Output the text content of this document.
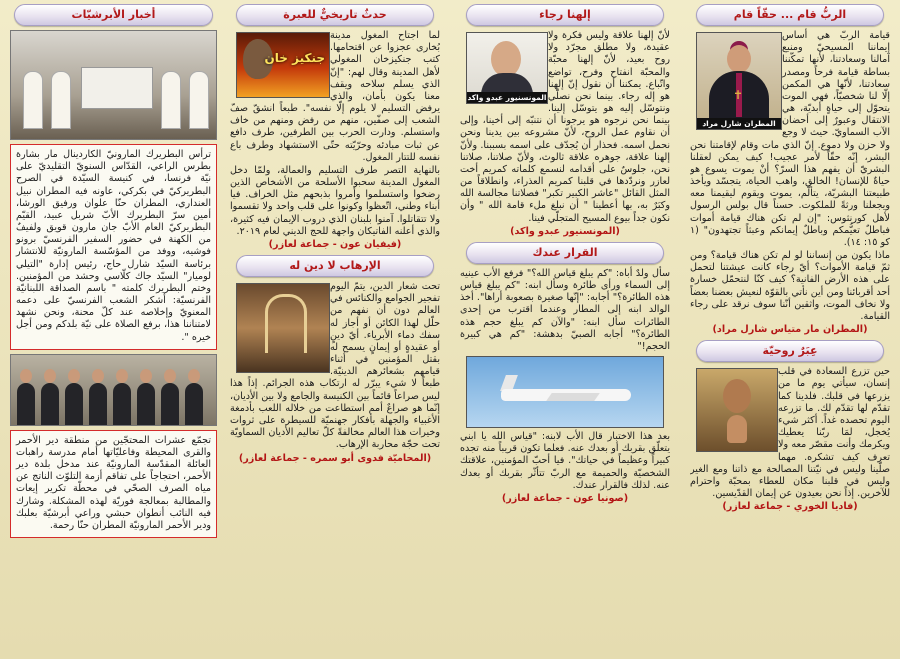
الربُّ قام ... حقّاً قام
✝
المطران شارل مراد

قيامة الربّ هي أساس إيماننا المسيحيّ ومنبع آمالنا وسعادتنا، لأنها تمكّننا بساطة قيامة فرحاً ومصدر سعادتنا، لأنّها هي المكمن إلّا لنا شخصيّاً، فهي الموت يتحوّل إلى حياةٍ أبديّة، هي الانتقال وعبورٌ إلى أحضان الآب السماويّ. حيث لا وجع ولا حزن ولا دموع. إنّ الذي مات وقام لإقامتنا نحن البشر، إنّه حقّاً لأمر عجيب! كيف يمكن لعقلنا البشريّ أن يفهم هذا السرّ؟ أنْ يموت يسوع هو حياةٌ للإنسان! الخالق، واهب الحياة، يتجسّد ويأخذ طبيعتنا البشريّة، يتألّم، يموت ويقوم ليقيمنا معه ويجعلنا ورثةً للملكوت. حسناً قال بولس الرسول لأهل كورنثوس: "إن لم تكن هناك قيامة أموات فباطلٌ تعيُّمكم وباطلٌ إيمانكم وعبثاً تجتهدون" (١ كو ١٥: ١٤).

ماذا يكون من إنساننا لو لم تكن هناك قيامة؟ ومن ثمّ قيامة الأموات؟ أيّ رجاء كانت عيشتنا لتحمل على هذه الأرض الفانية؟ كيف كنّا لنتحمّل خسارة أحد أقربائنا ومن أين نأتي بالقوّة لنعيش بعضنا بعضاً ولا نخاف الموت، واثقين أنّنا سوف نرقد على رجاء القيامة.

(المطران مار متياس شارل مراد)
عِبَرٌ روحيّة

حين تزرع السعادة في قلب إنسان، سيأتي يوم ما من يزرعها في قلبك. فلدينا كما تقدّم لها تقدّم لك. ما تزرعه اليوم تحصده غداً. أكثر شيء يُخجل، لمَا ربّنا يعطيك ويكرمك وأنت مقصّر معه ولا تعرف كيف تشكره. مهما صلّينا وليس في نيّتنا المصالحة مع ذاتنا ومع الغير وليس في قلبنا مكان للعطاء بمحبّة واحترام للآخرين. إذاً نحن بعيدون عن إيمان القدّيسين.

(فاديا الخوري - جماعة لعازر)
إلهنا رجاء
المونسنيور عبدو واكد

لأنّ إلهنا علاقة وليس فكرة ولا عقيدة، ولا مطلق مجرّد ولا روح بعيد، لأنّ إلهنا محبّة والمحبّة انفتاح وفرح، تواضع واتّباع. يمكننا أن نقول إنّ إلهنا هو إله رجاء. بينما نحن نصلّي ونتوسّل إليه هو يتوسّل إلينا. بينما نحن نرجوه هو يرجونا أن نتنبّه إلى أخينا، وإلى أن نقاوم عمل الروح، لأنّ مشروعه بين يدينا ونحن نحمل اسمه. فحذار أن يُجدّف على اسمه بسببنا. ولأنّ إلهنا علاقة، جوهره علاقة ثالوث، ولأنّ صلاتنا، صلاتنا نحن، جلوسٌ على أقدامه لنسمع كلماته كمريم أخت لعازر ونردّدها في قلبنا كمريم العذراء، وانطلاقاً من المثل القائل "عاشر الكبير تكبر" فصلاتنا مجالسة الله وكبَرٌ به، بها أعطينا " أن نبلغ ملء قامة الله " وأن نكون جداً بيوع المسيح المتجلّي فينا.

(المونسنيور عبدو واكد)
القرار عندك

سأل ولدٌ أباه: "كم يبلغ قياس الله؟" فرفع الأب عينيه إلى السماء ورأى طائرة وسأل ابنه: "كم يبلغ قياس هذه الطائرة؟" أجابه: "إنّها صغيرة بصعوبة أراها". أخذ الوالد ابنه إلى المطار وعندما اقترب من إحدى الطائرات سأل ابنه: "والآن كم يبلغ حجم هذه الطائرة؟" أجابه الصبيّ بدهشة: "كم هي كبيرة الحجم!"

بعد هذا الاختبار قال الأب لابنه: "قياس الله يا ابني يتعلّق بقربك أو بعدك عنه. فعلما تكون قريباً منه تجده كبيراً وعظيماً في حياتك". فيا أحبّ المؤمنين، علاقتك الشخصيّة والحميمة مع الربّ تتأثّر بقربك أو بعدك عنه. لذلك فالقرار عندك.

(صونيا عون - جماعة لعازر)
حدثٌ تاريخيٌّ للعبرة
جنكيز خان

لما اجتاح المغول مدينة بُخارى عجزوا عن اقتحامها. كتب جنكيزخان المغولي لأهل المدينة وقال لهم: "إنّ الذي يسلم سلاحه ويقف معنا يكون بأمان، والذي يرفض التسليم لا يلوم إلّا نفسه". طبعاً انشقّ صفّ الشعب إلى صفّين، منهم من رفض ومنهم من خاف واستسلم. ودارت الحرب بين الطرفين، طرف دافع عن ثبات مبادئه وحرّيّته حتّى الاستشهاد وطرف باع نفسه للتتار المغول.

بالنهاية التصر طرف التسليم والعمالة، ولمّا دخل المغول المدينة سحبوا الأسلحة من الأشخاص الذين رضخوا واستسلموا وأمروا بذبحهم مثل الخراف. فيا أبناء وطني، اتّعظوا وكونوا على قلب واحد ولا تقسموا ولا تتقاتلوا. آمنوا بلبنان الذي دروب الإيمان فيه كثيرة، والذي أعلنه الفاتيكان واجهة للحج الديني لعام ٢٠١٩.

(فيفيان عون - جماعة لعازر)
الإرهاب لا دين له

تحت شعار الدين، يتمّ اليوم تفجير الجوامع والكنائس في العالم دون أن نفهم من حلّل لهذا الكائن أو أجاز له سفك دماء الأبرياء. أيّ دينٍ أو عقيدةٍ أو إيمانٍ يسمح له بقتل المؤمنين في أثناء قيامهم بشعائرهم الدينيّة. طبعاً لا شيء يبرّر له ارتكاب هذه الجرائم. إذاً هذا ليس صراعاً قائماً بين الكنيسة والجامع ولا بين الأديان، إنّما هو صراعٌ أمم استطاعت من خلاله اللعب بأدمغة الأغبياء والجهلة بأفكار جهنميّة للسيطرة على ثروات وخيرات هذا العالم مخالفةً كلّ تعاليم الأديان السماويّة تحت حجّة محاربة الإرهاب.

(المحاميّة فدوى أبو سمره - جماعة لعازر)
أخبار الأبرشيّات

ترأس البطريرك المارونيّ الكاردينال مار بشارة بطرس الراعي، القدّاس السنويّ التقليديّ على نيّة فرنسا، في كنيسة السيّدة في الصرح البطريركيّ في بكركي، عاونه فيه المطران نبيل العنداري، المطران حنّا علوان ورفيق الورشا، أمين سرّ البطريرك الأبّ شربل عبيد، القيّم البطريركيّ العام الأبّ جان مارون قويق ولفيفٌ من الكهنة في حضور السفير الفرنسيّ برونو فوشيه، ووفد من المؤسّسة المارونيّة للانتشار برئاسة السيّد شارل حاج، رئيس إدارة "التيلي لوميار" السيّد جاك كلّاسي وحشد من المؤمنين. وختم البطريرك كلمته " باسم الصداقة اللبنانيّة الفرنسيّة: أشكر الشعب الفرنسيّ على دعمه المعنويّ وإخلاصه عند كلّ محنة، ونحن نشهد لامتناننا هذا، برفع الصلاة على نيّة بلدكم ومن أجل خيره ".

تجمّع عشرات المحتجّين من منطقة دير الأحمر والقرى المحيطة وفاعليّاتها أمام مدرسة راهبات العائلة المقدّسة المارونيّة عند مدخل بلدة دير الأحمر، احتجاجاً على تفاقم أزمة التلوّث الناتج عن مياه الصرف الصحّي في محطّة تكرير إيعات والمطالبة بمعالجة فوريّة لهذه المشكلة. وشارك فيه النائب أنطوان حبشي وراعي أبرشيّة بعلبك ودير الأحمر المارونيّة المطران حنّا رحمة.
